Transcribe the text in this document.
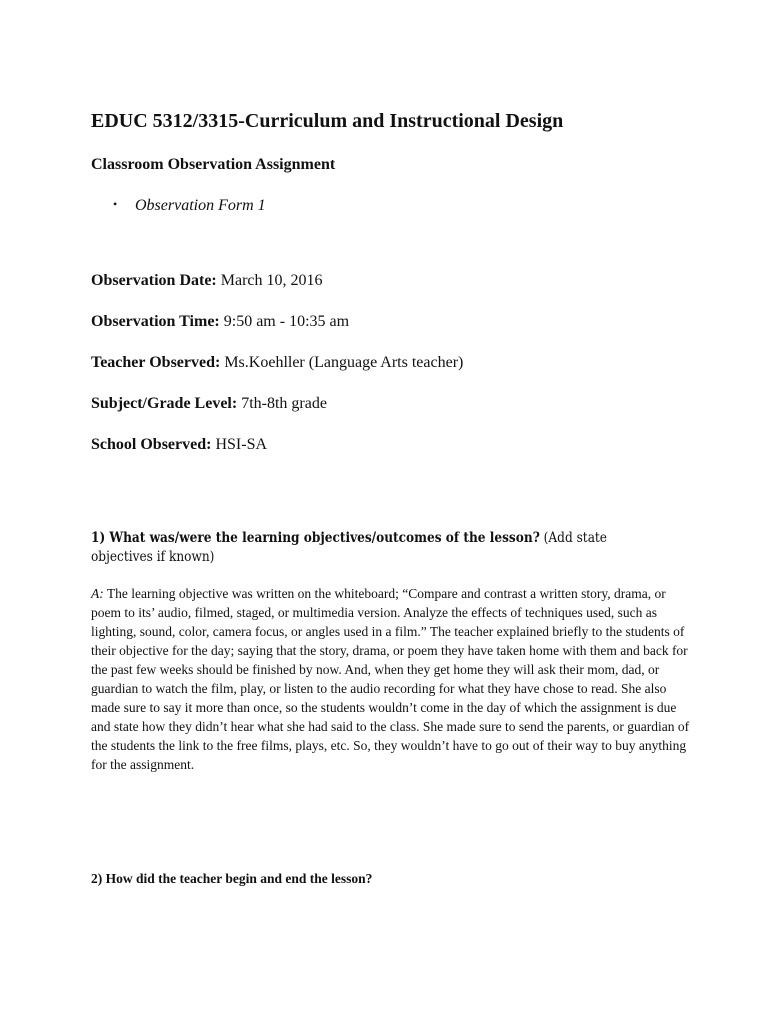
EDUC 5312/3315-Curriculum and Instructional Design
Classroom Observation Assignment
• Observation Form 1
Observation Date: March 10, 2016
Observation Time: 9:50 am - 10:35 am
Teacher Observed: Ms.Koehller (Language Arts teacher)
Subject/Grade Level: 7th-8th grade
School Observed: HSI-SA
1) What was/were the learning objectives/outcomes of the lesson? (Add state objectives if known)
A: The learning objective was written on the whiteboard; “Compare and contrast a written story, drama, or poem to its’ audio, filmed, staged, or multimedia version. Analyze the effects of techniques used, such as lighting, sound, color, camera focus, or angles used in a film.” The teacher explained briefly to the students of their objective for the day; saying that the story, drama, or poem they have taken home with them and back for the past few weeks should be finished by now. And, when they get home they will ask their mom, dad, or guardian to watch the film, play, or listen to the audio recording for what they have chose to read. She also made sure to say it more than once, so the students wouldn’t come in the day of which the assignment is due and state how they didn’t hear what she had said to the class. She made sure to send the parents, or guardian of the students the link to the free films, plays, etc. So, they wouldn’t have to go out of their way to buy anything for the assignment.
2) How did the teacher begin and end the lesson?
